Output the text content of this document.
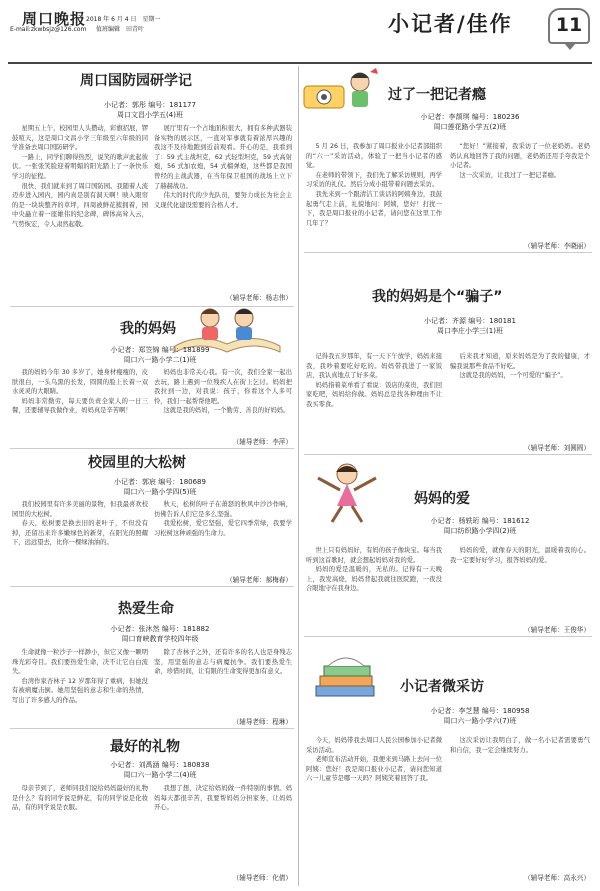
周口晚报
E-mail:zkwbsjz@126.com
2018 年 6 月 4 日　星期一
值班编辑　田青叶	小记者/佳作	11
周口国防园研学记
小记者：郭彤 编号：181177
周口文昌小学五(4)班

星期五上午，校园里人头攒动，彩旗招展，锣鼓喧天，这是周口文昌小学三年级至六年级的同学准备去周口国防研学。

一路上，同学们聊得热烈，说笑的歌声此起彼伏。一张张笑脸迎着明媚的阳光踏上了一条快乐学习的征程。

很快，我们就来到了周口国防园。我随着人流迈步进入园内，园内真是别有洞天啊！映入眼帘的是一块块整齐的草坪，四周被鲜花簇拥着，园中央矗立着一座雄伟的纪念碑，碑体高耸入云，气势恢宏，令人肃然起敬。

展厅里有一个占地面积很大，拥有多种武器装备实物的展示区，一直对军事就有着浓厚兴趣的我这不及待地跑到近前观看。开心的是，我看到了：59 式主战坦克，62 式轻型坦克，59 式高射炮，56 式加农炮，54 式榴弹炮，这些都是我国曾经的主战武器，在当年保卫祖国的战场上立下了赫赫战功。

伟大的时代的少先队员，要努力成长为社会主义现代化建设需要的合格人才。

（辅导老师：杨志伟）
我的妈妈
小记者：郑笠锦 编号：181899
周口六一路小学二(1)班

我的妈妈今年 30 多岁了，她身材瘦瘦的，皮肤很白，一头乌黑的长发，圆圆的脸上长着一双水灵灵的大眼睛。

妈妈非常勤劳，每天要负责全家人的一日三餐，还要辅导我做作业，妈妈真是辛苦啊！

妈妈也非常关心我。有一次，我们全家一起出去玩，路上遇到一位残疾人在街上乞讨。妈妈把我拉到一边，对我说：孩子，你看这个人多可怜，我们一起帮帮他吧。

这就是我的妈妈，一个勤劳、善良的好妈妈。

（辅导老师：李萍）
校园里的大松树
小记者：郭宸 编号：180689
周口六一路小学四(5)班

我们校园里有许多美丽的景物，但我最喜欢校园里的大松树。

春天，松树要是换去旧的老叶子，不但没有掉，还留出来许多嫩绿色的新芽，在阳光的照耀下，远远望去，比你一棵绿油油的。

秋天，松树的叶子在萧瑟的秋风中沙沙作响，仿佛告诉人们它是多么坚强。

我爱松树，爱它坚强，爱它四季常绿，我要学习松树这种顽强的生命力。

（辅导老师：郝梅春）
热爱生命
小记者：张沐然 编号：181882
周口育峡教育学校四年级

生命就像一粒沙子一样渺小，但它又像一颗明珠光彩夺目。我们要热爱生命，决不让它白白流失。

台湾作家杏林子 12 岁那年得了重病，但她没有被病魔击倒。她用坚强的意志和生命的热情，写出了许多感人的作品。

除了杏林子之外，还有许多的名人也是身残志坚，用坚强的意志与病魔抗争。我们要热爱生命，珍惜时间，让有限的生命变得更加有意义。

（辅导老师：程琳）
最好的礼物
小记者：刘禹涵 编号：180838
周口六一路小学二(4)班

母亲节到了，老师同我们说给妈妈最好的礼物是什么？有的同学说是鲜花，有的同学说是化妆品，有的同学说是衣服。

我想了想，决定给妈妈做一件特别的事情。妈妈每天都很辛苦，我要帮妈妈分担家务，让妈妈开心。

（辅导老师：化倩）
过了一把记者瘾
小记者：李颉琪 编号：180236
周口莲花路小学五(2)班

5 月 26 日，我参加了周口报业小记者部组织的“六一”采访活动，体验了一把当小记者的感觉。

在老师的带领下，我们先了解采访规则，再学习采访的礼仪。然后分成小组带着问题去采访。

我先来到一个跟清洁工谈话的阿姨身边，我鼓起勇气走上前，礼貌地问：阿姨，您好！打扰一下，我是周口报业的小记者，请问您在这里工作几年了？

“您好！”紧接着，我采访了一位老奶奶。老奶奶认真地回答了我的问题，老奶奶还用手夸我是个小记者。

这一次采访，让我过了一把记者瘾。

（辅导老师：李晓丽）
我的妈妈是个“骗子”
小记者：齐源 编号：180181
周口李庄小学三(1)班

记得我五岁那年，有一天下午放学，妈妈来接我，我吵着要吃好吃的。妈妈带我进了一家饭店，我认真地点了好多菜。

妈妈指着菜单看了看说：饭店的菜贵，我们回家吃吧，妈妈给你做。妈妈总是找各种理由不让我买零食。

后来我才知道，原来妈妈是为了我的健康，才骗我说那些食品不好吃。

这就是我的妈妈，一个可爱的“骗子”。

（辅导老师：刘圆圆）
妈妈的爱
小记者：杨轶珩 编号：181612
周口纺织路小学四(2)班

世上只有妈妈好，有妈的孩子像块宝。每当我听到这首歌时，就会想起妈妈对我的爱。

妈妈的爱是温暖的，无私的。记得有一天晚上，我发高烧，妈妈背起我就往医院跑，一夜没合眼地守在我身边。

妈妈的爱，就像春天的阳光，温暖着我的心。我一定要好好学习，报答妈妈的爱。

（辅导老师：王俊华）
小记者微采访
小记者：李芝慧 编号：180958
周口六一路小学六(7)班

今天，妈妈带我去周口人民公园参加小记者微采访活动。

老师宣布活动开始，我便来到马路上去问一位阿姨：您好！我是周口报业小记者，请问您知道六一儿童节是哪一天吗？阿姨笑着回答了我。

这次采访让我明白了，做一名小记者需要勇气和自信，我一定会继续努力。

（辅导老师：高永兴）
